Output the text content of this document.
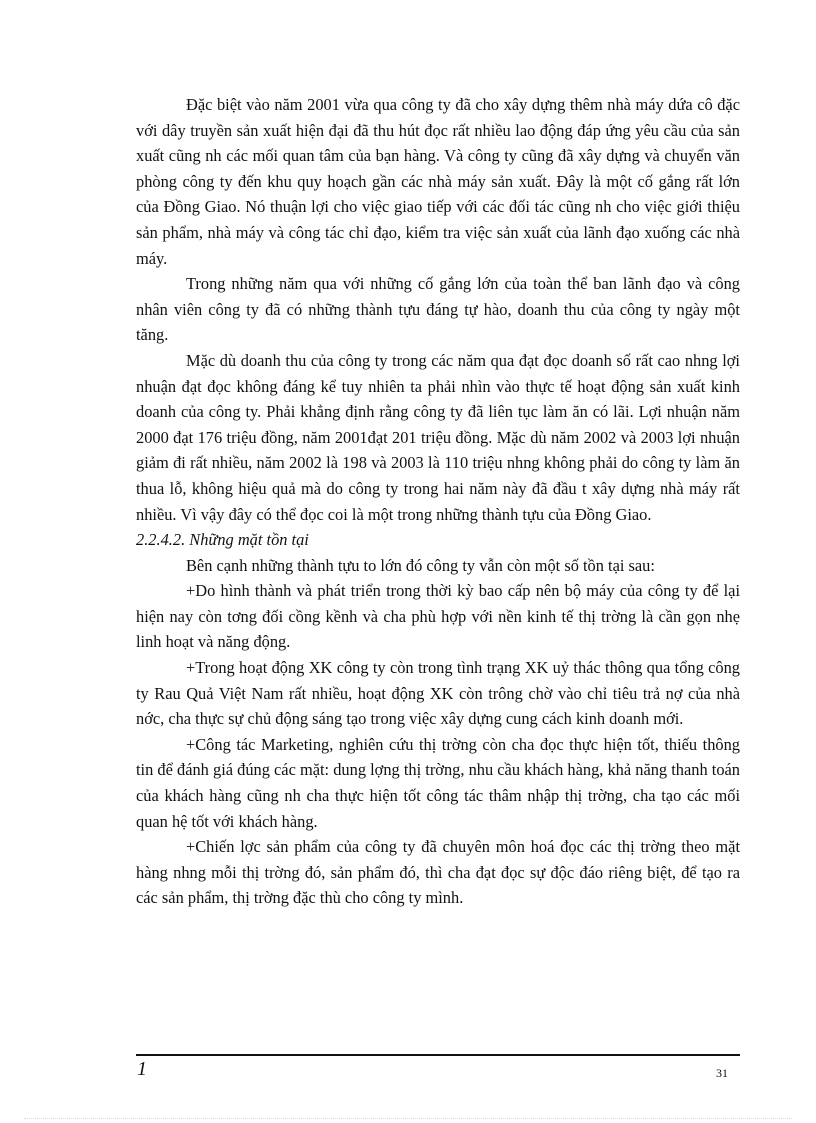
Đặc biệt vào năm 2001 vừa qua công ty đã cho xây dựng thêm nhà máy dứa cô đặc với dây truyền sản xuất hiện đại đã thu hút đọc rất nhiều lao động đáp ứng yêu cầu của sản xuất cũng nh các mối quan tâm của bạn hàng. Và công ty cũng đã xây dựng và chuyển văn phòng công ty đến khu quy hoạch gần các nhà máy sản xuất. Đây là một cố gắng rất lớn của Đồng Giao. Nó thuận lợi cho việc giao tiếp với các đối tác cũng nh cho việc giới thiệu sản phẩm, nhà máy và công tác chỉ đạo, kiểm tra việc sản xuất của lãnh đạo xuống các nhà máy.

Trong những năm qua với những cố gắng lớn của toàn thể ban lãnh đạo và công nhân viên công ty đã có những thành tựu đáng tự hào, doanh thu của công ty ngày một tăng.

Mặc dù doanh thu của công ty trong các năm qua đạt đọc doanh số rất cao nhng lợi nhuận đạt đọc không đáng kể tuy nhiên ta phải nhìn vào thực tế hoạt động sản xuất kinh doanh của công ty. Phải khẳng định rằng công ty đã liên tục làm ăn có lãi. Lợi nhuận năm 2000 đạt 176 triệu đồng, năm 2001đạt 201 triệu đồng. Mặc dù năm 2002 và 2003 lợi nhuận giảm đi rất nhiều, năm 2002 là 198 và 2003 là 110 triệu nhng không phải do công ty làm ăn thua lỗ, không hiệu quả mà do công ty trong hai năm này đã đầu t xây dựng nhà máy rất nhiều. Vì vậy đây có thể đọc coi là một trong những thành tựu của Đồng Giao.

2.2.4.2. Những mặt tồn tại

Bên cạnh những thành tựu to lớn đó công ty vẫn còn một số tồn tại sau:

+Do hình thành và phát triển trong thời kỳ bao cấp nên bộ máy của công ty để lại hiện nay còn tơng đối cồng kềnh và cha phù hợp với nền kinh tế thị trờng là cần gọn nhẹ linh hoạt và năng động.

+Trong hoạt động XK công ty còn trong tình trạng XK uỷ thác thông qua tổng công ty Rau Quả Việt Nam rất nhiều, hoạt động XK còn trông chờ vào chỉ tiêu trả nợ của nhà nớc, cha thực sự chủ động sáng tạo trong việc xây dựng cung cách kinh doanh mới.

+Công tác Marketing, nghiên cứu thị trờng còn cha đọc thực hiện tốt, thiếu thông tin để đánh giá đúng các mặt: dung lợng thị trờng, nhu cầu khách hàng, khả năng thanh toán của khách hàng cũng nh cha thực hiện tốt công tác thâm nhập thị trờng, cha tạo các mối quan hệ tốt với khách hàng.

+Chiến lợc sản phẩm của công ty đã chuyên môn hoá đọc các thị trờng theo mặt hàng nhng mỗi thị trờng đó, sản phẩm đó, thì cha đạt đọc sự độc đáo riêng biệt, để tạo ra các sản phẩm, thị trờng đặc thù cho công ty mình.

1	31
